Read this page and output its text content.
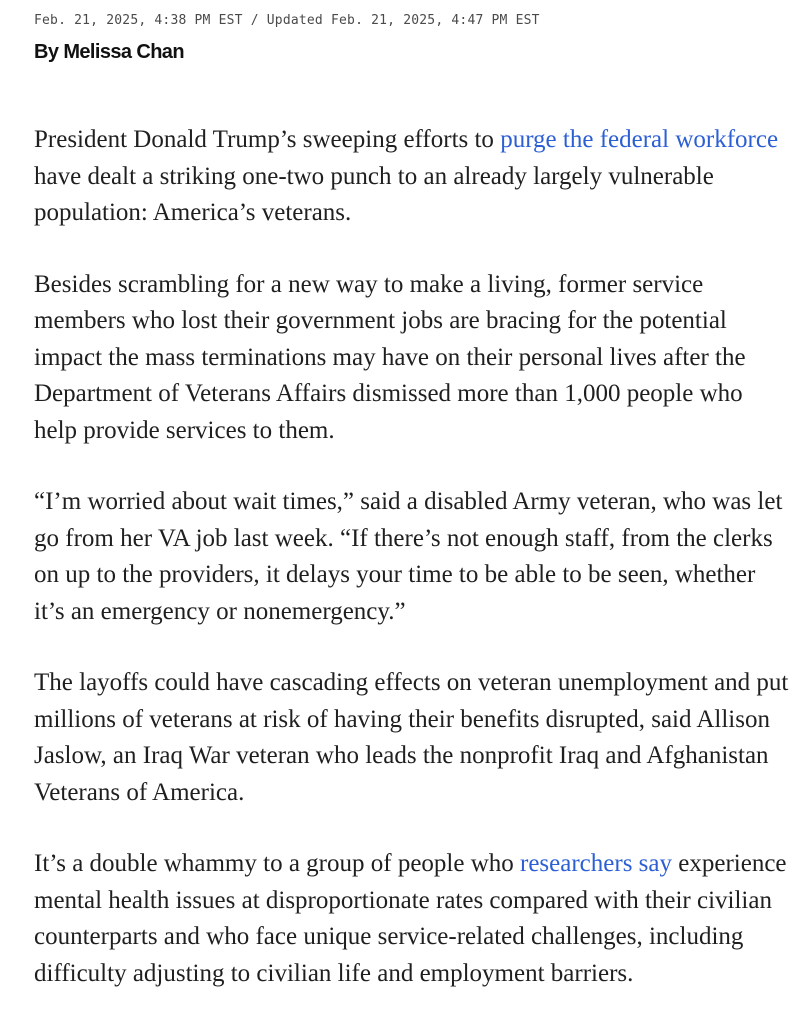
Feb. 21, 2025, 4:38 PM EST / Updated Feb. 21, 2025, 4:47 PM EST
By Melissa Chan

President Donald Trump’s sweeping efforts to purge the federal workforce have dealt a striking one-two punch to an already largely vulnerable population: America’s veterans.

Besides scrambling for a new way to make a living, former service members who lost their government jobs are bracing for the potential impact the mass terminations may have on their personal lives after the Department of Veterans Affairs dismissed more than 1,000 people who help provide services to them.

“I’m worried about wait times,” said a disabled Army veteran, who was let go from her VA job last week. “If there’s not enough staff, from the clerks on up to the providers, it delays your time to be able to be seen, whether it’s an emergency or nonemergency.”

The layoffs could have cascading effects on veteran unemployment and put millions of veterans at risk of having their benefits disrupted, said Allison Jaslow, an Iraq War veteran who leads the nonprofit Iraq and Afghanistan Veterans of America.

It’s a double whammy to a group of people who researchers say experience mental health issues at disproportionate rates compared with their civilian counterparts and who face unique service-related challenges, including difficulty adjusting to civilian life and employment barriers.
